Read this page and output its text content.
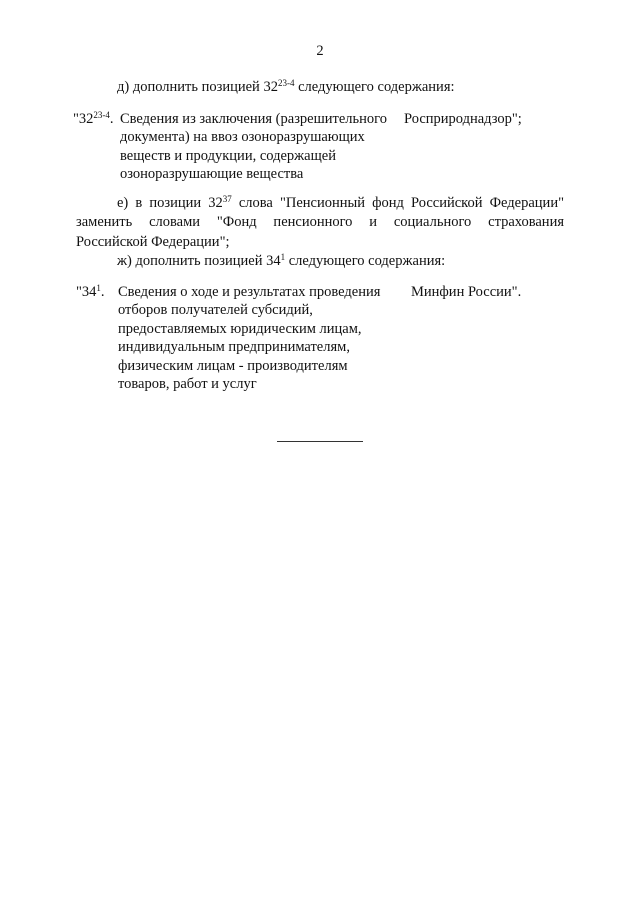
2
д) дополнить позицией 32$^{23-4}$ следующего содержания:
"32$^{23-4}$. Сведения из заключения (разрешительного
документа) на ввоз озоноразрушающих
веществ и продукции, содержащей
озоноразрушающие вещества
Росприроднадзор";
е) в позиции $32^{37}$ слова "Пенсионный фонд Российской Федерации"
заменить словами "Фонд пенсионного и социального страхования
Российской Федерации";
ж) дополнить позицией $34^1$ следующего содержания:
"$34^1$. Сведения о ходе и результатах проведения
отборов получателей субсидий,
предоставляемых юридическим лицам,
индивидуальным предпринимателям,
физическим лицам - производителям
товаров, работ и услуг
Минфин России".
